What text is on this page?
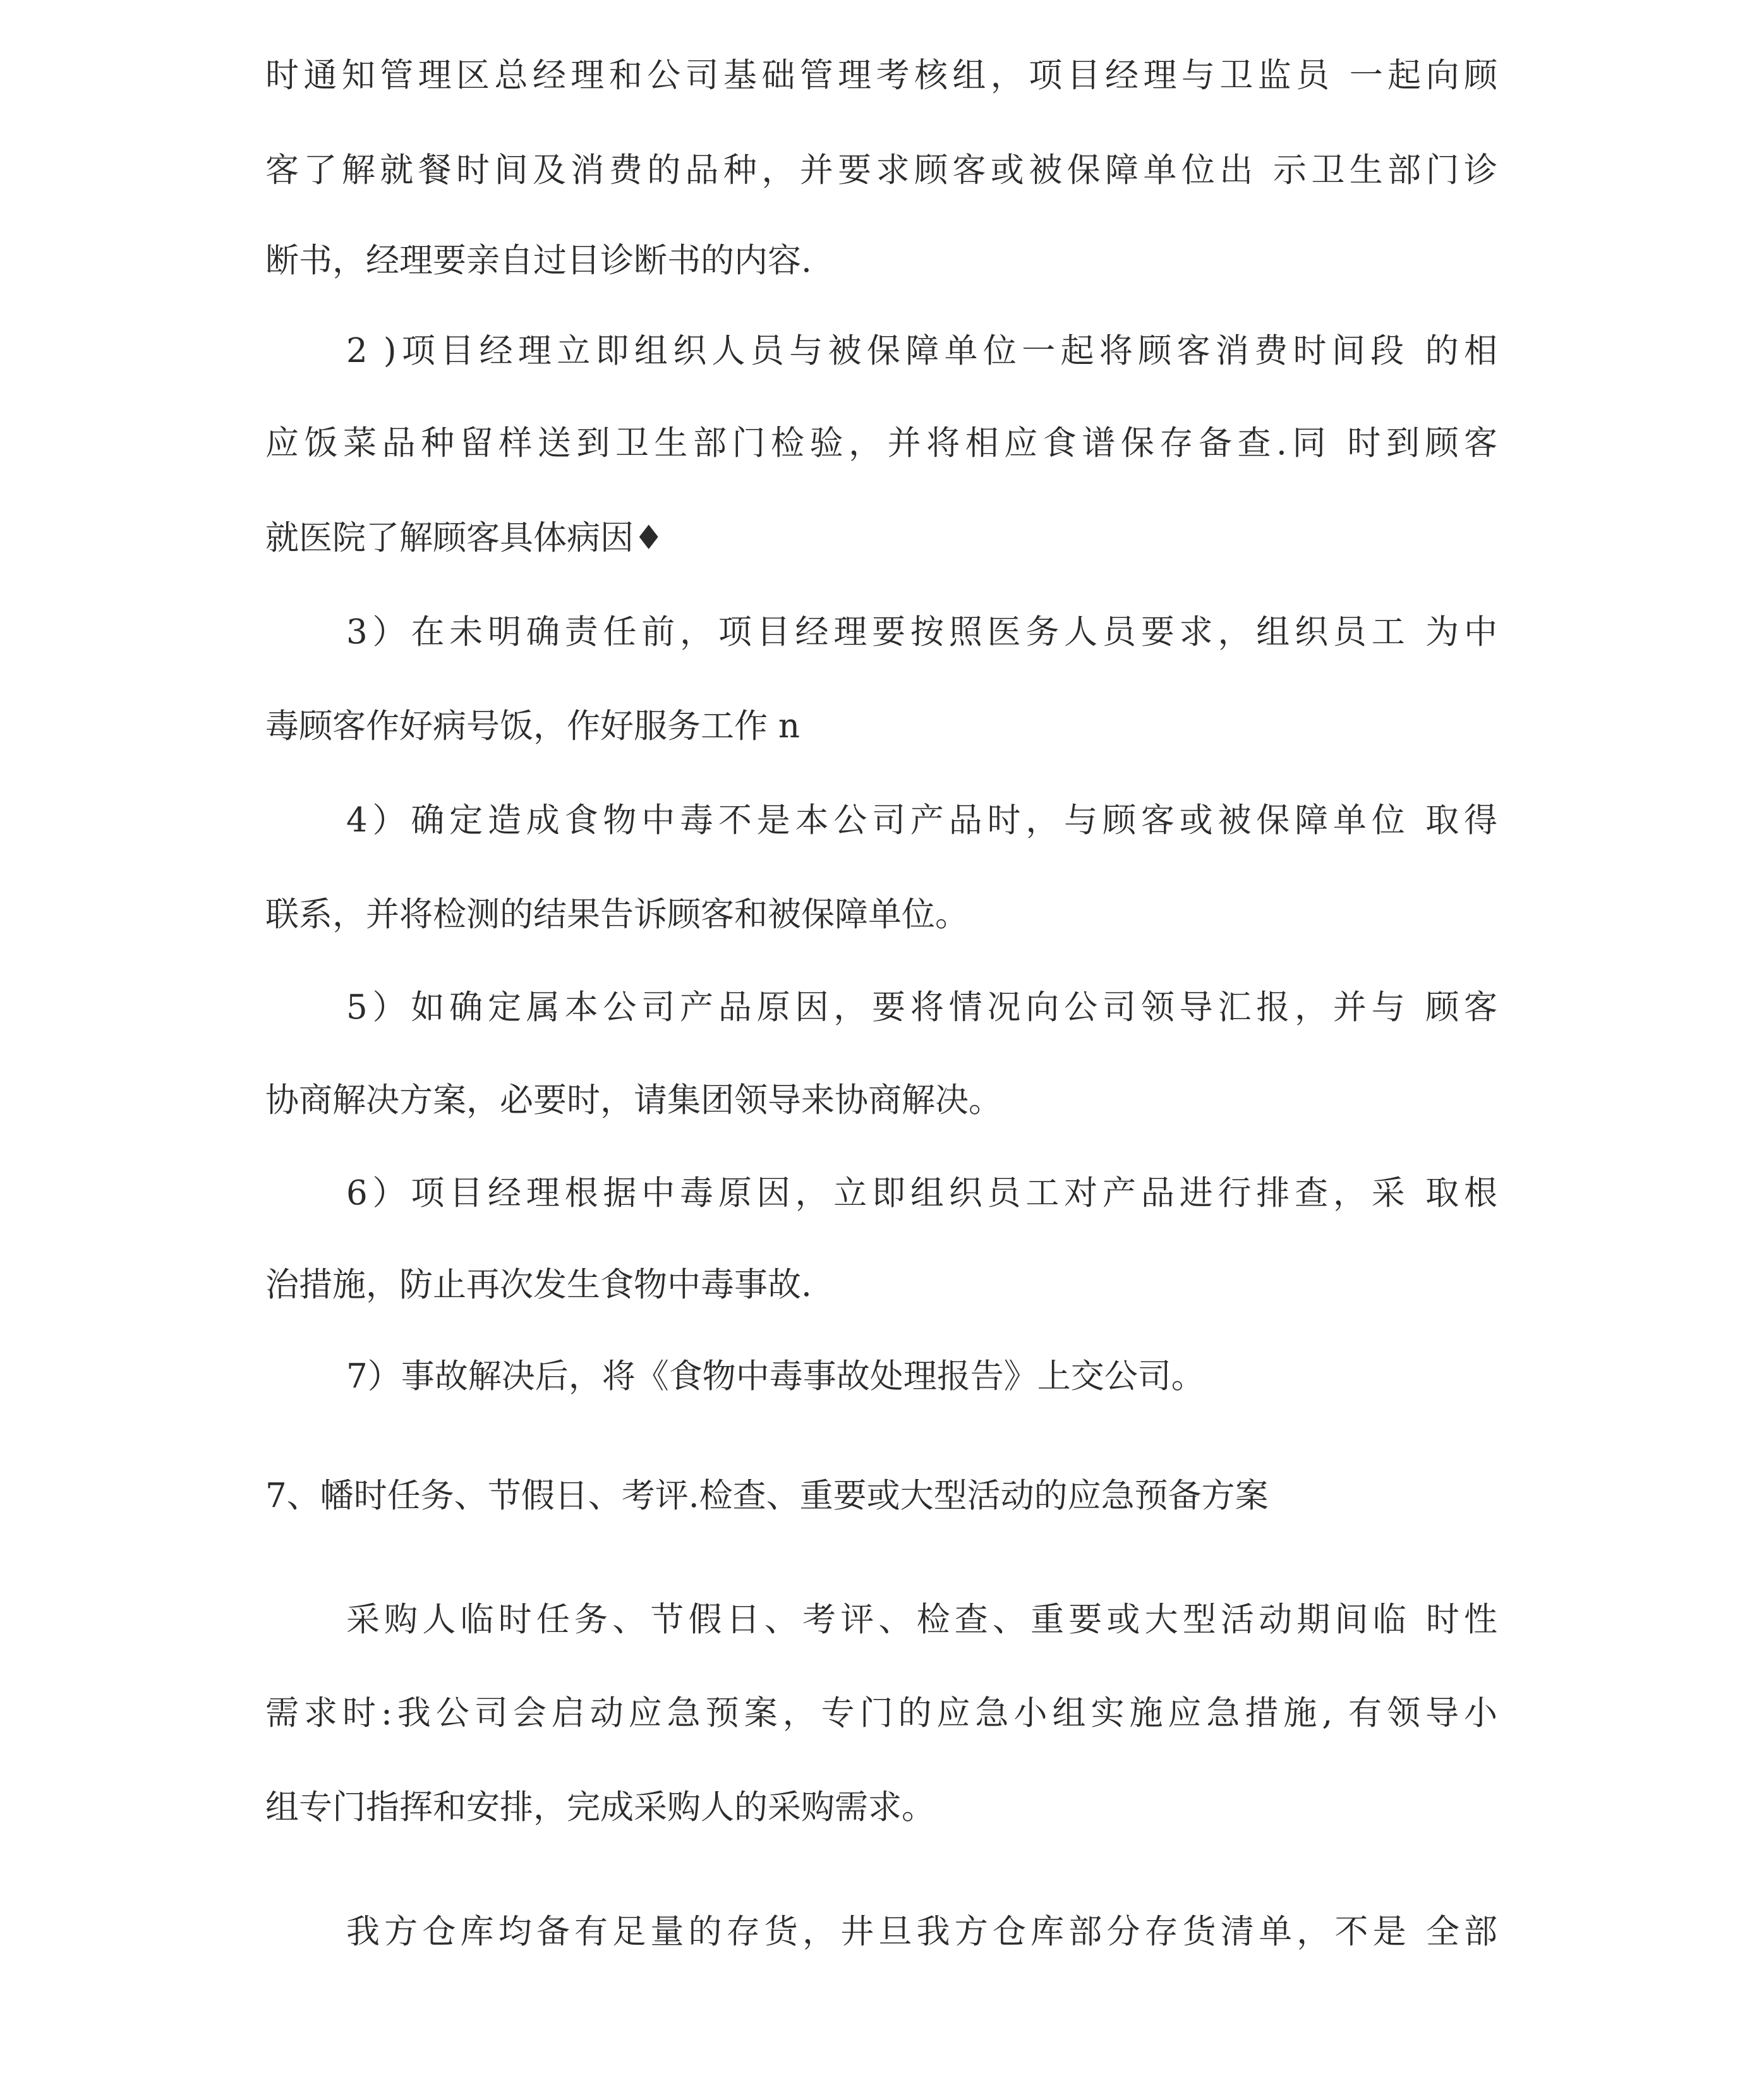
时通知管理区总经理和公司基础管理考核组，项目经理与卫监员 一起向顾
客了解就餐时间及消费的品种，并要求顾客或被保障单位出 示卫生部门诊
断书，经理要亲自过目诊断书的内容.
2 )项目经理立即组织人员与被保障单位一起将顾客消费时间段 的相
应饭菜品种留样送到卫生部门检验，并将相应食谱保存备查.同 时到顾客
就医院了解顾客具体病因♦
3）在未明确责任前，项目经理要按照医务人员要求，组织员工 为中
毒顾客作好病号饭，作好服务工作 n
4）确定造成食物中毒不是本公司产品时，与顾客或被保障单位 取得
联系，并将检测的结果告诉顾客和被保障单位。
5）如确定属本公司产品原因，要将情况向公司领导汇报，并与 顾客
协商解决方案，必要时，请集团领导来协商解决。
6）项目经理根据中毒原因，立即组织员工对产品进行排查，采 取根
治措施，防止再次发生食物中毒事故.
7）事故解决后，将《食物中毒事故处理报告》上交公司。
7、幡时任务、节假日、考评.检查、重要或大型活动的应急预备方案
采购人临时任务、节假日、考评、检查、重要或大型活动期间临 时性
需求时:我公司会启动应急预案，专门的应急小组实施应急措施, 有领导小
组专门指挥和安排，完成采购人的采购需求。
我方仓库均备有足量的存货，井旦我方仓库部分存货清单，不是 全部
